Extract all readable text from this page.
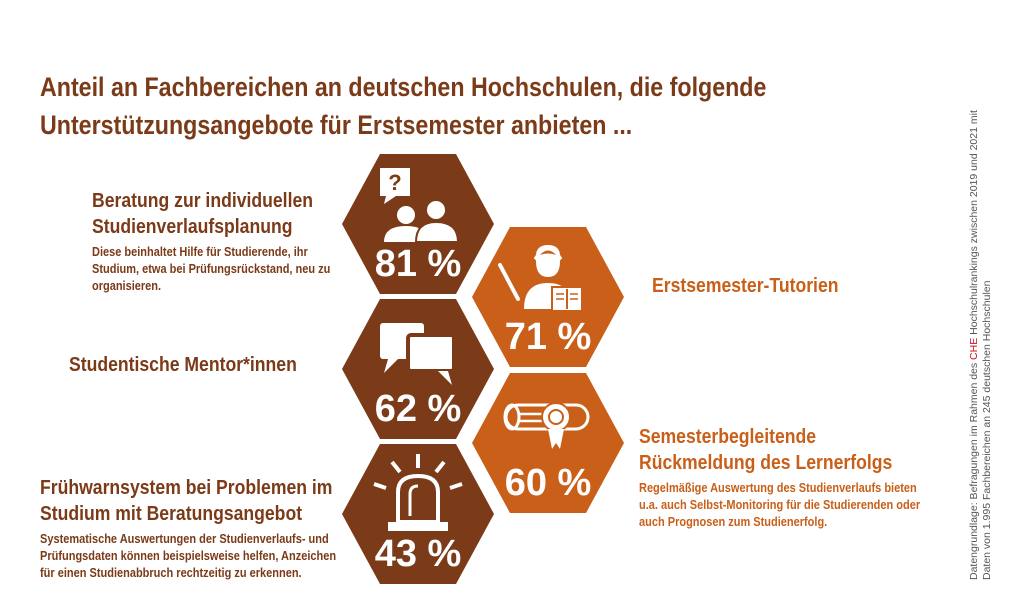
Anteil an Fachbereichen an deutschen Hochschulen, die folgende Unterstützungsangebote für Erstsemester anbieten ...
?
81 %
71 %
62 %
60 %
43 %
Beratung zur individuellen Studienverlaufsplanung
Diese beinhaltet Hilfe für Studierende, ihr Studium, etwa bei Prüfungsrückstand, neu zu organisieren.	Erstsemester-Tutorien
Studentische Mentor*innen
Semesterbegleitende Rückmeldung des Lernerfolgs
Regelmäßige Auswertung des Studienverlaufs bieten u.a. auch Selbst-Monitoring für die Studierenden oder auch Prognosen zum Studienerfolg.
Frühwarnsystem bei Problemen im Studium mit Beratungsangebot
Systematische Auswertungen der Studienverlaufs- und Prüfungsdaten können beispielsweise helfen, Anzeichen für einen Studienabbruch rechtzeitig zu erkennen.	Datengrundlage: Befragungen im Rahmen des CHE Hochschulrankings zwischen 2019 und 2021 mit
Daten von 1.995 Fachbereichen an 245 deutschen Hochschulen
